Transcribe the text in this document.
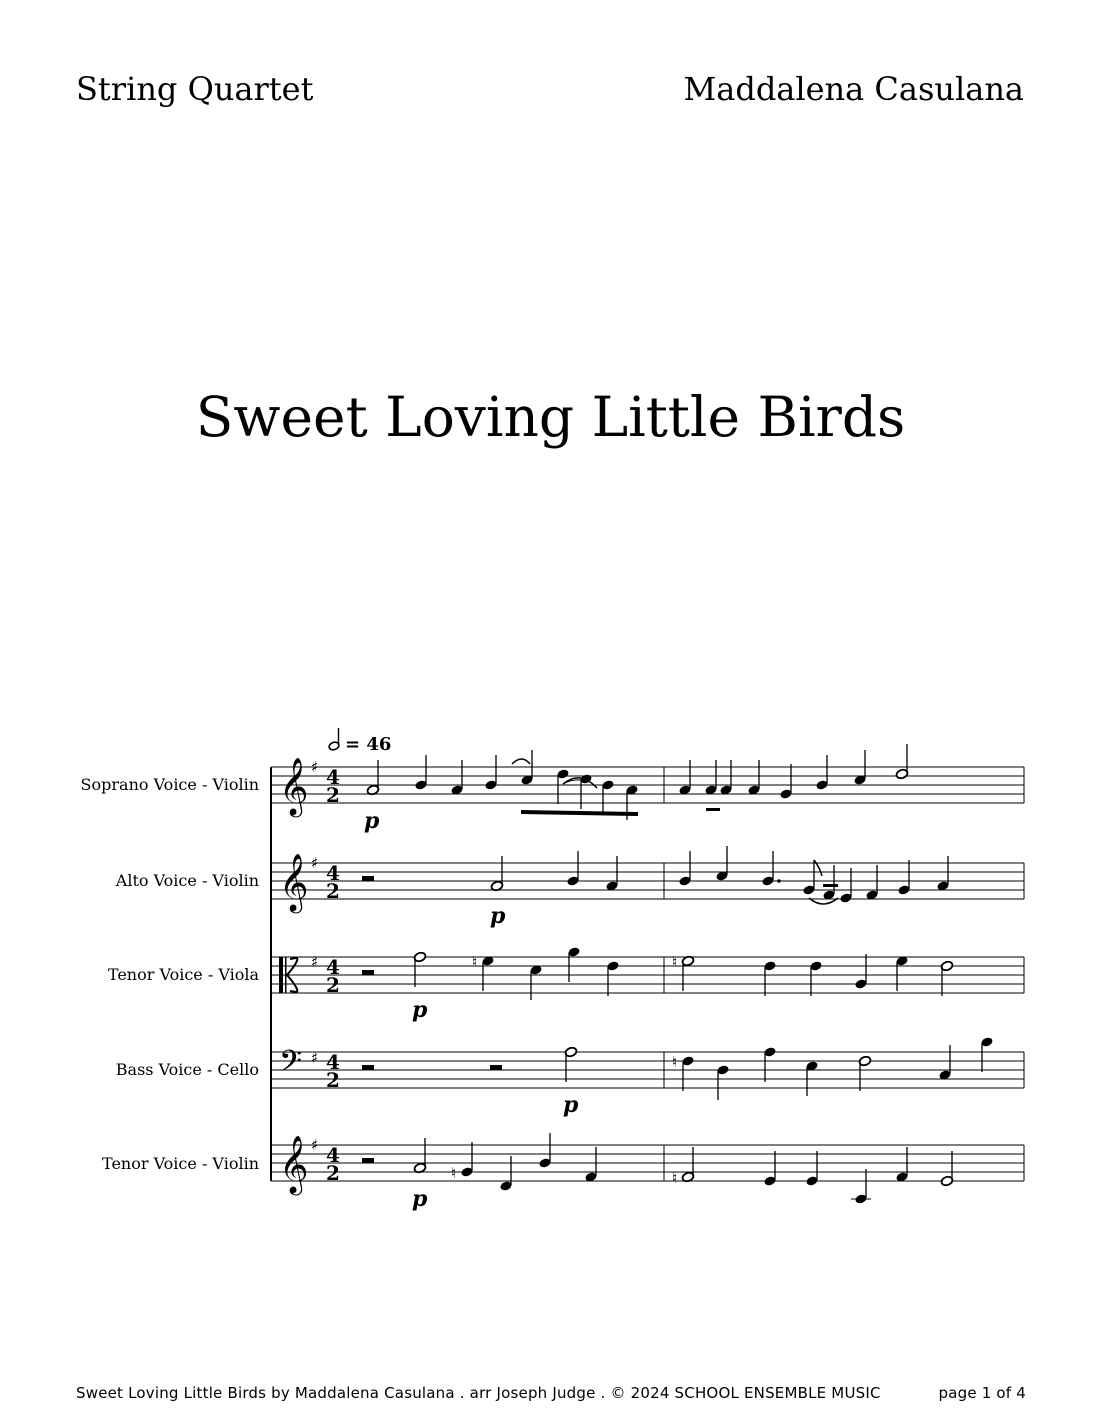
String Quartet	Maddalena Casulana
Sweet Loving Little Birds
= 46
Soprano Voice - Violin
Alto Voice - Violin
Tenor Voice - Viola
Bass Voice - Cello
Tenor Voice - Violin
𝄞
𝄞
𝄢
𝄞
♯
♯
♯
♯
♯
4
2
4
2
4
2
4
2
4
2
p
p
p
p
p
♮	♮
♮
♮	♮
Sweet Loving Little Birds by Maddalena Casulana . arr Joseph Judge . © 2024 SCHOOL ENSEMBLE MUSIC	page 1 of 4
